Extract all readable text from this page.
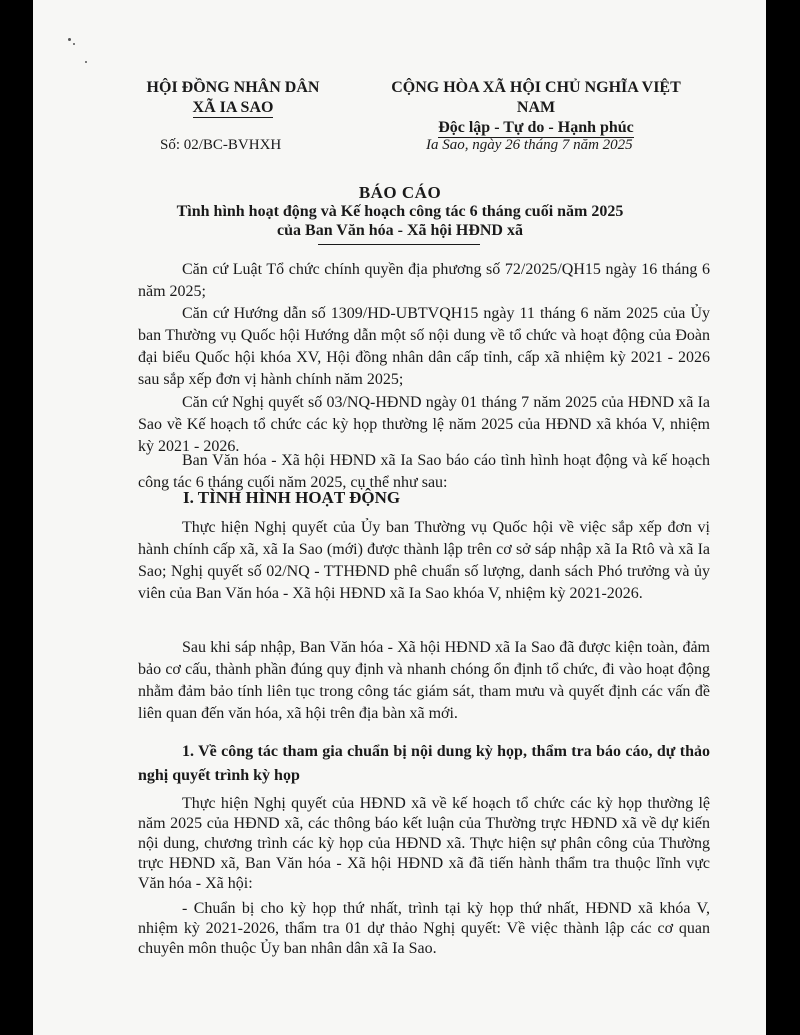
HỘI ĐỒNG NHÂN DÂN
XÃ IA SAO
CỘNG HÒA XÃ HỘI CHỦ NGHĨA VIỆT NAM
Độc lập - Tự do - Hạnh phúc
Số: 02/BC-BVHXH	Ia Sao, ngày 26 tháng 7 năm 2025
BÁO CÁO
Tình hình hoạt động và Kế hoạch công tác 6 tháng cuối năm 2025
của Ban Văn hóa - Xã hội HĐND xã

Căn cứ Luật Tổ chức chính quyền địa phương số 72/2025/QH15 ngày 16 tháng 6 năm 2025;

Căn cứ Hướng dẫn số 1309/HD-UBTVQH15 ngày 11 tháng 6 năm 2025 của Ủy ban Thường vụ Quốc hội Hướng dẫn một số nội dung về tổ chức và hoạt động của Đoàn đại biểu Quốc hội khóa XV, Hội đồng nhân dân cấp tỉnh, cấp xã nhiệm kỳ 2021 - 2026 sau sắp xếp đơn vị hành chính năm 2025;

Căn cứ Nghị quyết số 03/NQ-HĐND ngày 01 tháng 7 năm 2025 của HĐND xã Ia Sao về Kế hoạch tổ chức các kỳ họp thường lệ năm 2025 của HĐND xã khóa V, nhiệm kỳ 2021 - 2026.

Ban Văn hóa - Xã hội HĐND xã Ia Sao báo cáo tình hình hoạt động và kế hoạch công tác 6 tháng cuối năm 2025, cụ thể như sau:

I. TÌNH HÌNH HOẠT ĐỘNG

Thực hiện Nghị quyết của Ủy ban Thường vụ Quốc hội về việc sắp xếp đơn vị hành chính cấp xã, xã Ia Sao (mới) được thành lập trên cơ sở sáp nhập xã Ia Rtô và xã Ia Sao; Nghị quyết số 02/NQ - TTHĐND phê chuẩn số lượng, danh sách Phó trưởng và ủy viên của Ban Văn hóa - Xã hội HĐND xã Ia Sao khóa V, nhiệm kỳ 2021-2026.

Sau khi sáp nhập, Ban Văn hóa - Xã hội HĐND xã Ia Sao đã được kiện toàn, đảm bảo cơ cấu, thành phần đúng quy định và nhanh chóng ổn định tổ chức, đi vào hoạt động nhằm đảm bảo tính liên tục trong công tác giám sát, tham mưu và quyết định các vấn đề liên quan đến văn hóa, xã hội trên địa bàn xã mới.

1. Về công tác tham gia chuẩn bị nội dung kỳ họp, thẩm tra báo cáo, dự thảo nghị quyết trình kỳ họp

Thực hiện Nghị quyết của HĐND xã về kế hoạch tổ chức các kỳ họp thường lệ năm 2025 của HĐND xã, các thông báo kết luận của Thường trực HĐND xã về dự kiến nội dung, chương trình các kỳ họp của HĐND xã. Thực hiện sự phân công của Thường trực HĐND xã, Ban Văn hóa - Xã hội HĐND xã đã tiến hành thẩm tra thuộc lĩnh vực Văn hóa - Xã hội:

- Chuẩn bị cho kỳ họp thứ nhất, trình tại kỳ họp thứ nhất, HĐND xã khóa V, nhiệm kỳ 2021-2026, thẩm tra 01 dự thảo Nghị quyết: Về việc thành lập các cơ quan chuyên môn thuộc Ủy ban nhân dân xã Ia Sao.
